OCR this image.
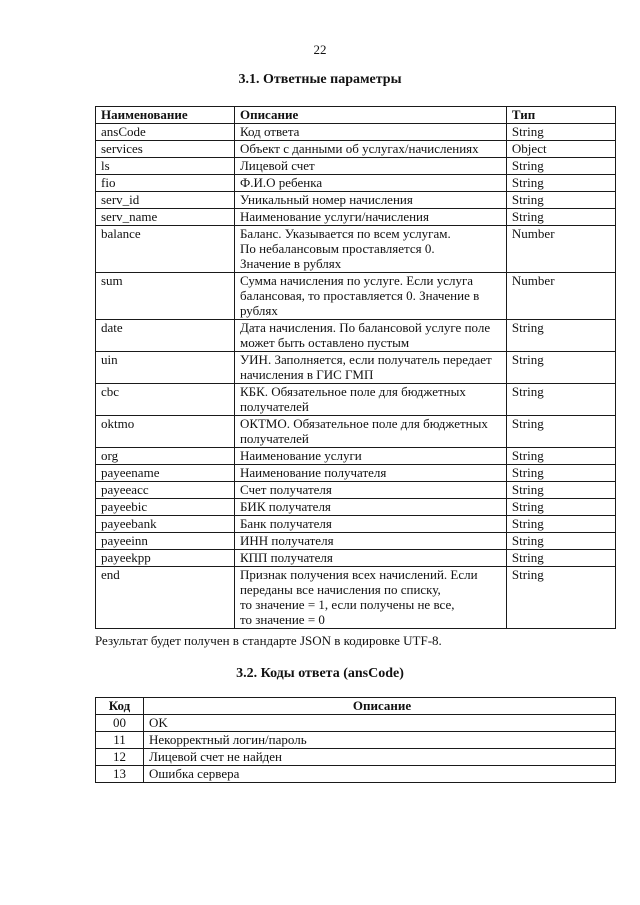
22
3.1. Ответные параметры
Наименование	Описание	Тип
ansCode	Код ответа	String
services	Объект с данными об услугах/начислениях	Object
ls	Лицевой счет	String
fio	Ф.И.О ребенка	String
serv_id	Уникальный номер начисления	String
serv_name	Наименование услуги/начисления	String
balance	Баланс. Указывается по всем услугам.
По небалансовым проставляется 0.
Значение в рублях	Number
sum	Сумма начисления по услуге. Если услуга балансовая, то проставляется 0. Значение в рублях	Number
date	Дата начисления. По балансовой услуге поле может быть оставлено пустым	String
uin	УИН. Заполняется, если получатель передает начисления в ГИС ГМП	String
cbc	КБК. Обязательное поле для бюджетных получателей	String
oktmo	ОКТМО. Обязательное поле для бюджетных получателей	String
org	Наименование услуги	String
payeename	Наименование получателя	String
payeeacc	Счет получателя	String
payeebic	БИК получателя	String
payeebank	Банк получателя	String
payeeinn	ИНН получателя	String
payeekpp	КПП получателя	String
end	Признак получения всех начислений. Если переданы все начисления по списку,
то значение = 1, если получены не все,
то значение = 0	String
Результат будет получен в стандарте JSON в кодировке UTF-8.
3.2. Коды ответа (ansCode)
Код	Описание
00	OK
11	Некорректный логин/пароль
12	Лицевой счет не найден
13	Ошибка сервера
